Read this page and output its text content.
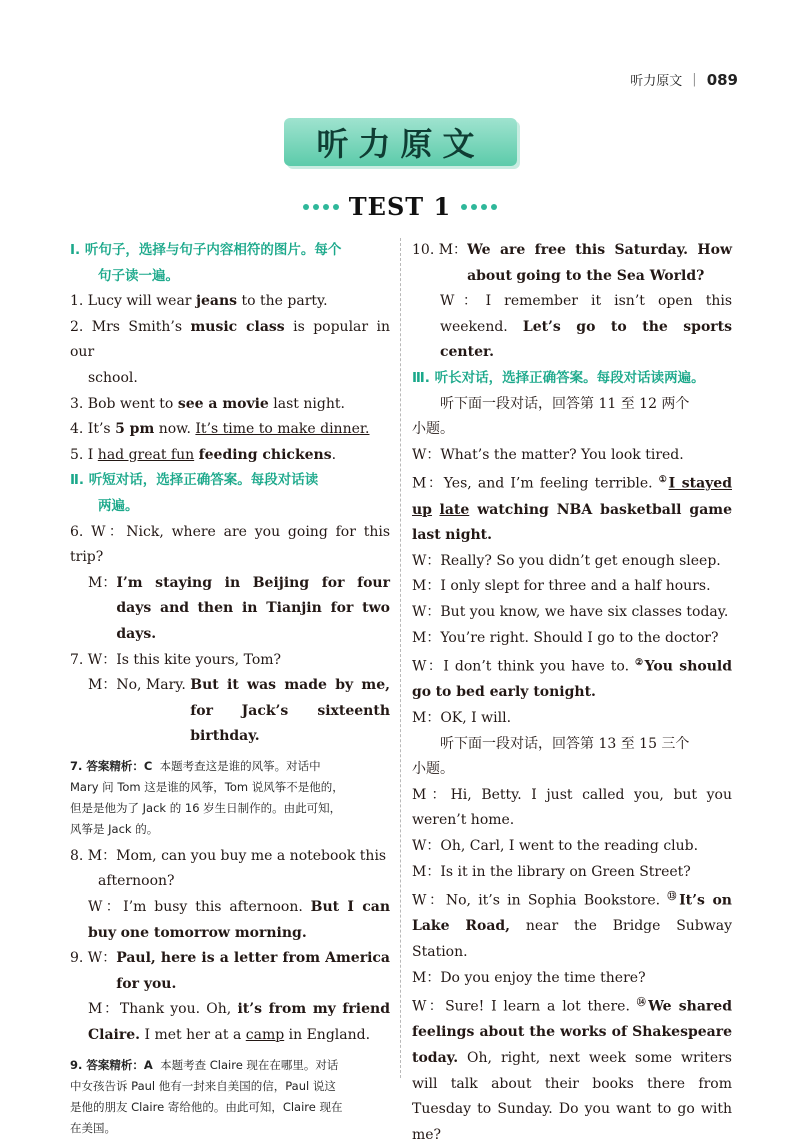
听力原文 | 089
听力原文
TEST 1
Ⅰ. 听句子，选择与句子内容相符的图片。每个
句子读一遍。
1. Lucy will wear jeans to the party.
2. Mrs Smith’s music class is popular in our
school.
3. Bob went to see a movie last night.
4. It’s 5 pm now. It’s time to make dinner.
5. I had great fun feeding chickens.
Ⅱ. 听短对话，选择正确答案。每段对话读
两遍。
6. W：Nick, where are you going for this trip?
M： I’m staying in Beijing for four days and then in Tianjin for two days.
7. W：Is this kite yours, Tom?
M：No, Mary. But it was made by me, for Jack’s sixteenth birthday.
7. 答案精析：C 本题考查这是谁的风筝。对话中
Mary 问 Tom 这是谁的风筝，Tom 说风筝不是他的，
但是是他为了 Jack 的 16 岁生日制作的。由此可知，
风筝是 Jack 的。
8. M：Mom, can you buy me a notebook this
afternoon?
W：I’m busy this afternoon. But I can buy one tomorrow morning.
9. W： Paul, here is a letter from America for you.
M：Thank you. Oh, it’s from my friend Claire. I met her at a camp in England.
9. 答案精析：A 本题考查 Claire 现在在哪里。对话
中女孩告诉 Paul 他有一封来自美国的信，Paul 说这
是他的朋友 Claire 寄给他的。由此可知，Claire 现在
在美国。
10. M： We are free this Saturday. How about going to the Sea World?
W：I remember it isn’t open this weekend. Let’s go to the sports center.
Ⅲ. 听长对话，选择正确答案。每段对话读两遍。
听下面一段对话，回答第 11 至 12 两个
小题。
W：What’s the matter? You look tired.
M：Yes, and I’m feeling terrible. ①I stayed up late watching NBA basketball game last night.
W：Really? So you didn’t get enough sleep.
M：I only slept for three and a half hours.
W：But you know, we have six classes today.
M：You’re right. Should I go to the doctor?
W：I don’t think you have to. ②You should go to bed early tonight.
M：OK, I will.
听下面一段对话，回答第 13 至 15 三个
小题。
M：Hi, Betty. I just called you, but you weren’t home.
W：Oh, Carl, I went to the reading club.
M：Is it in the library on Green Street?
W：No, it’s in Sophia Bookstore. ⑬It’s on Lake Road, near the Bridge Subway Station.
M：Do you enjoy the time there?
W：Sure! I learn a lot there. ⑭We shared feelings about the works of Shakespeare today. Oh, right, next week some writers will talk about their books there from Tuesday to Sunday. Do you want to go with me?
